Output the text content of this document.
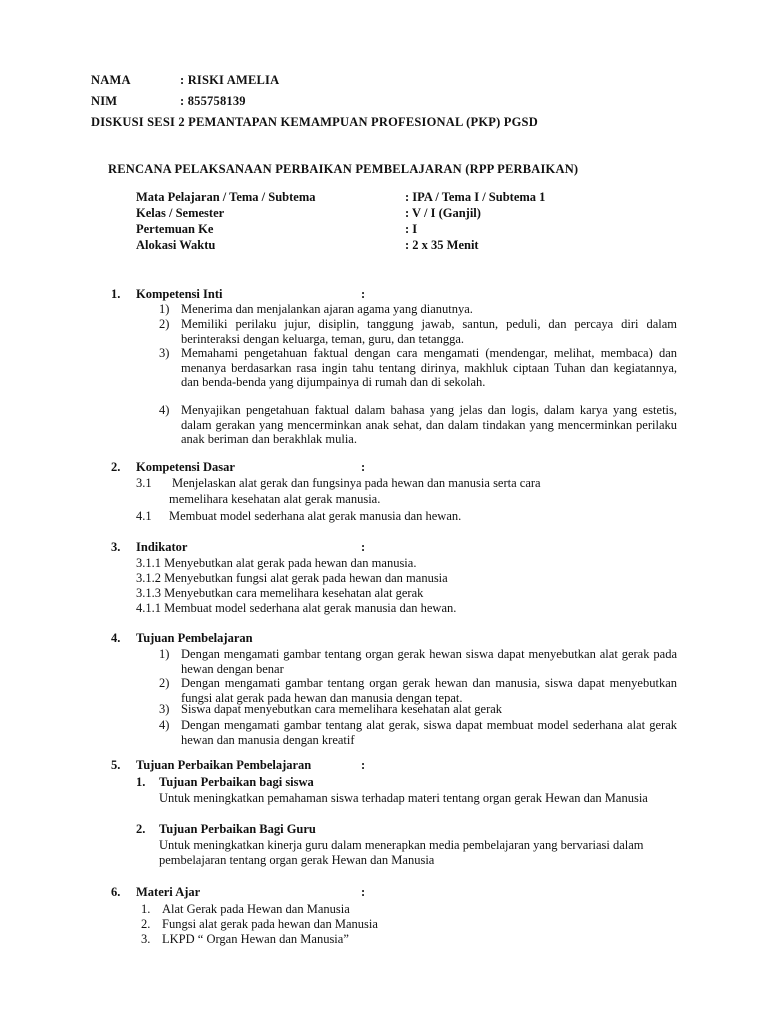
NAMA	: RISKI AMELIA
NIM	: 855758139
DISKUSI SESI 2 PEMANTAPAN KEMAMPUAN PROFESIONAL (PKP) PGSD
RENCANA PELAKSANAAN PERBAIKAN PEMBELAJARAN (RPP PERBAIKAN)
Mata Pelajaran / Tema / Subtema	: IPA / Tema I / Subtema 1
Kelas / Semester	: V / I (Ganjil)
Pertemuan Ke	: I
Alokasi Waktu	: 2 x 35 Menit
1. Kompetensi Inti	:
1) Menerima dan menjalankan ajaran agama yang dianutnya.
2) Memiliki perilaku jujur, disiplin, tanggung jawab, santun, peduli, dan percaya diri dalam berinteraksi dengan keluarga, teman, guru, dan tetangga.
3) Memahami pengetahuan faktual dengan cara mengamati (mendengar, melihat, membaca) dan menanya berdasarkan rasa ingin tahu tentang dirinya, makhluk ciptaan Tuhan dan kegiatannya, dan benda-benda yang dijumpainya di rumah dan di sekolah.
4) Menyajikan pengetahuan faktual dalam bahasa yang jelas dan logis, dalam karya yang estetis, dalam gerakan yang mencerminkan anak sehat, dan dalam tindakan yang mencerminkan perilaku anak beriman dan berakhlak mulia.
2. Kompetensi Dasar	:
3.1 Menjelaskan alat gerak dan fungsinya pada hewan dan manusia serta cara
memelihara kesehatan alat gerak manusia.
4.1 Membuat model sederhana alat gerak manusia dan hewan.
3. Indikator	:
3.1.1 Menyebutkan alat gerak pada hewan dan manusia.
3.1.2 Menyebutkan fungsi alat gerak pada hewan dan manusia
3.1.3 Menyebutkan cara memelihara kesehatan alat gerak
4.1.1 Membuat model sederhana alat gerak manusia dan hewan.
4. Tujuan Pembelajaran
1) Dengan mengamati gambar tentang organ gerak hewan siswa dapat menyebutkan alat gerak pada hewan dengan benar
2) Dengan mengamati gambar tentang organ gerak hewan dan manusia, siswa dapat menyebutkan fungsi alat gerak pada hewan dan manusia dengan tepat.
3) Siswa dapat menyebutkan cara memelihara kesehatan alat gerak
4) Dengan mengamati gambar tentang alat gerak, siswa dapat membuat model sederhana alat gerak hewan dan manusia dengan kreatif
5. Tujuan Perbaikan Pembelajaran	:
1. Tujuan Perbaikan bagi siswa
Untuk meningkatkan pemahaman siswa terhadap materi tentang organ gerak Hewan dan Manusia
2. Tujuan Perbaikan Bagi Guru
Untuk meningkatkan kinerja guru dalam menerapkan media pembelajaran yang bervariasi dalam pembelajaran tentang organ gerak Hewan dan Manusia
6. Materi Ajar	:
1. Alat Gerak pada Hewan dan Manusia
2. Fungsi alat gerak pada hewan dan Manusia
3. LKPD “ Organ Hewan dan Manusia”
